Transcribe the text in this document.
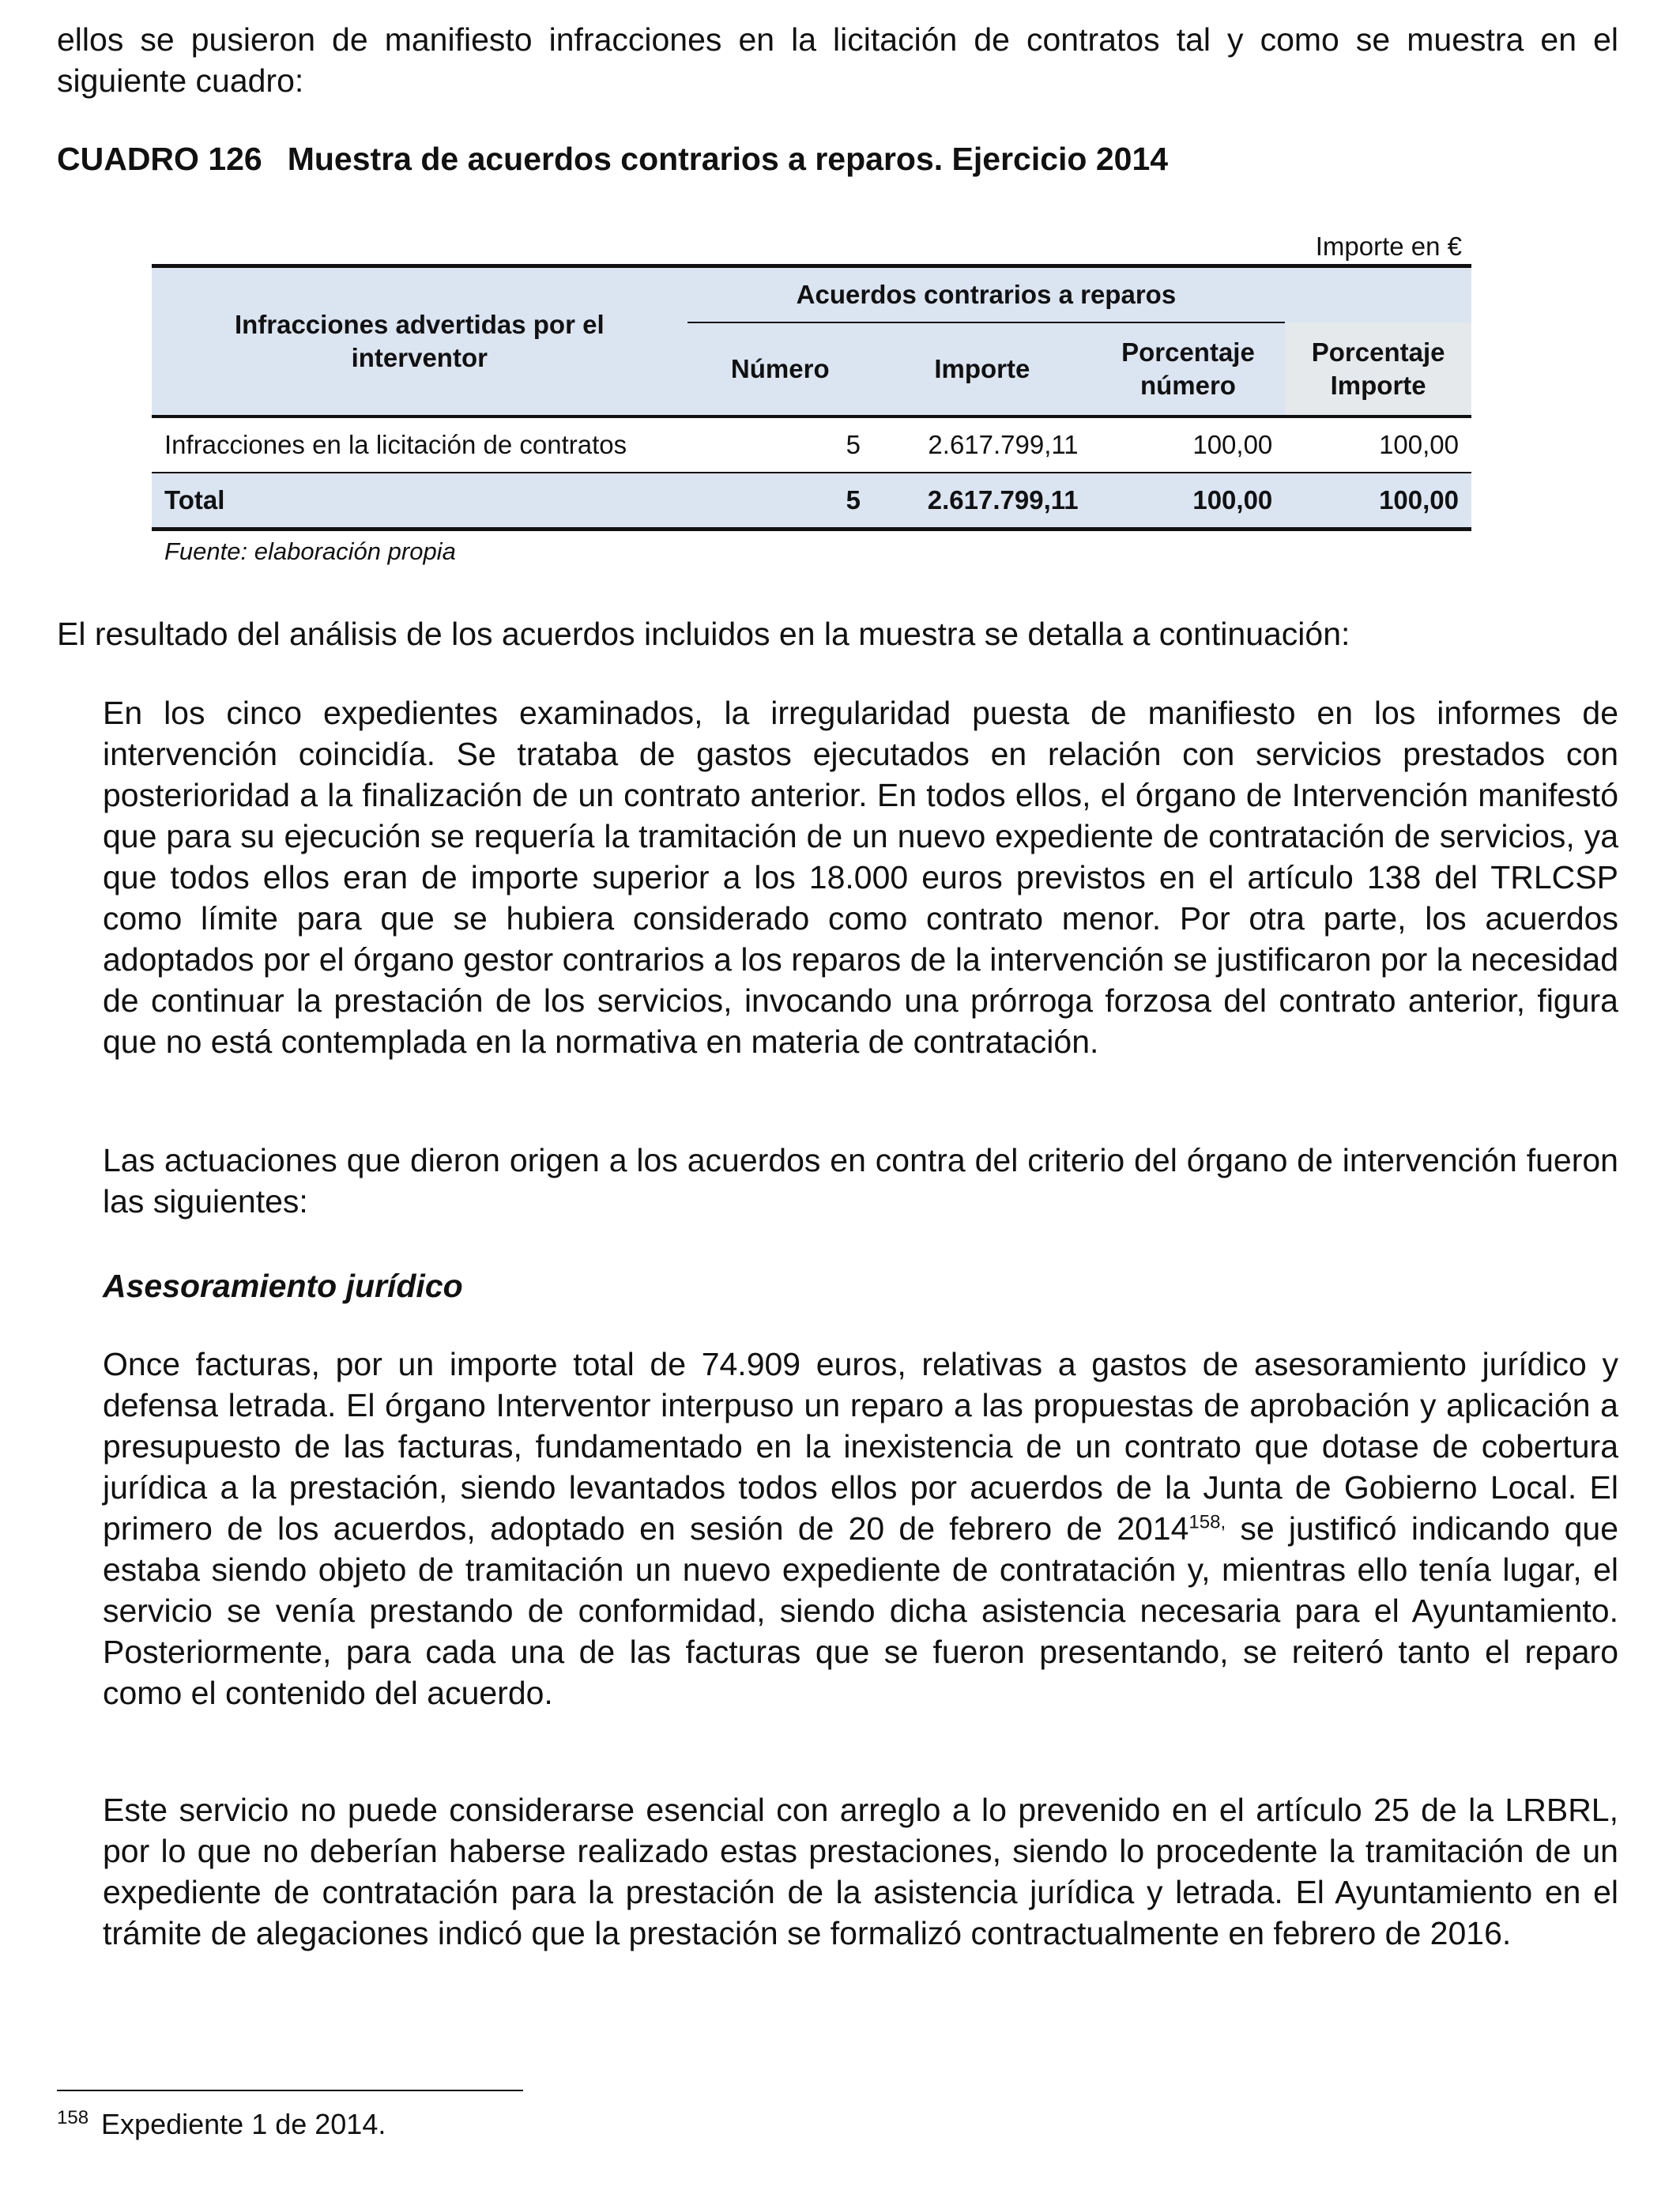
ellos se pusieron de manifiesto infracciones en la licitación de contratos tal y como se muestra en el siguiente cuadro:

CUADRO 126 Muestra de acuerdos contrarios a reparos. Ejercicio 2014

Importe en €
Infracciones advertidas por el interventor	Acuerdos contrarios a reparos			
	Número	Importe	Porcentaje número	Porcentaje Importe
Infracciones en la licitación de contratos	5	2.617.799,11	100,00	100,00
Total	5	2.617.799,11	100,00	100,00
Fuente: elaboración propia

El resultado del análisis de los acuerdos incluidos en la muestra se detalla a continuación:

En los cinco expedientes examinados, la irregularidad puesta de manifiesto en los informes de intervención coincidía. Se trataba de gastos ejecutados en relación con servicios prestados con posterioridad a la finalización de un contrato anterior. En todos ellos, el órgano de Intervención manifestó que para su ejecución se requería la tramitación de un nuevo expediente de contratación de servicios, ya que todos ellos eran de importe superior a los 18.000 euros previstos en el artículo 138 del TRLCSP como límite para que se hubiera considerado como contrato menor. Por otra parte, los acuerdos adoptados por el órgano gestor contrarios a los reparos de la intervención se justificaron por la necesidad de continuar la prestación de los servicios, invocando una prórroga forzosa del contrato anterior, figura que no está contemplada en la normativa en materia de contratación.

Las actuaciones que dieron origen a los acuerdos en contra del criterio del órgano de intervención fueron las siguientes:

Asesoramiento jurídico

Once facturas, por un importe total de 74.909 euros, relativas a gastos de asesoramiento jurídico y defensa letrada. El órgano Interventor interpuso un reparo a las propuestas de aprobación y aplicación a presupuesto de las facturas, fundamentado en la inexistencia de un contrato que dotase de cobertura jurídica a la prestación, siendo levantados todos ellos por acuerdos de la Junta de Gobierno Local. El primero de los acuerdos, adoptado en sesión de 20 de febrero de $2014^{158,}$ se justificó indicando que estaba siendo objeto de tramitación un nuevo expediente de contratación y, mientras ello tenía lugar, el servicio se venía prestando de conformidad, siendo dicha asistencia necesaria para el Ayuntamiento. Posteriormente, para cada una de las facturas que se fueron presentando, se reiteró tanto el reparo como el contenido del acuerdo.

Este servicio no puede considerarse esencial con arreglo a lo prevenido en el artículo 25 de la LRBRL, por lo que no deberían haberse realizado estas prestaciones, siendo lo procedente la tramitación de un expediente de contratación para la prestación de la asistencia jurídica y letrada. El Ayuntamiento en el trámite de alegaciones indicó que la prestación se formalizó contractualmente en febrero de 2016.

$^{158}$ Expediente 1 de 2014.
